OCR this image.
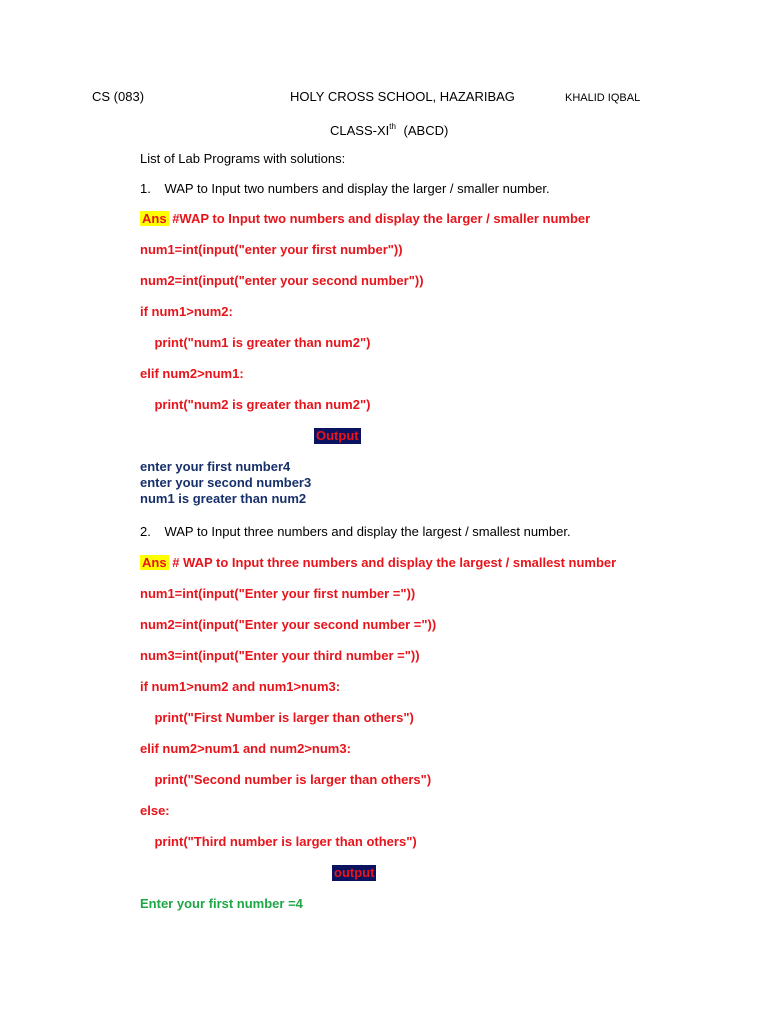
CS (083)	HOLY CROSS SCHOOL, HAZARIBAG	KHALID IQBAL
CLASS-XIth (ABCD)
List of Lab Programs with solutions:
1. WAP to Input two numbers and display the larger / smaller number.
Ans #WAP to Input two numbers and display the larger / smaller number
num1=int(input("enter your first number"))
num2=int(input("enter your second number"))
if num1>num2:
print("num1 is greater than num2")
elif num2>num1:
print("num2 is greater than num2")
Output
enter your first number4
enter your second number3
num1 is greater than num2
2. WAP to Input three numbers and display the largest / smallest number.
Ans # WAP to Input three numbers and display the largest / smallest number
num1=int(input("Enter your first number ="))
num2=int(input("Enter your second number ="))
num3=int(input("Enter your third number ="))
if num1>num2 and num1>num3:
print("First Number is larger than others")
elif num2>num1 and num2>num3:
print("Second number is larger than others")
else:
print("Third number is larger than others")
output
Enter your first number =4
